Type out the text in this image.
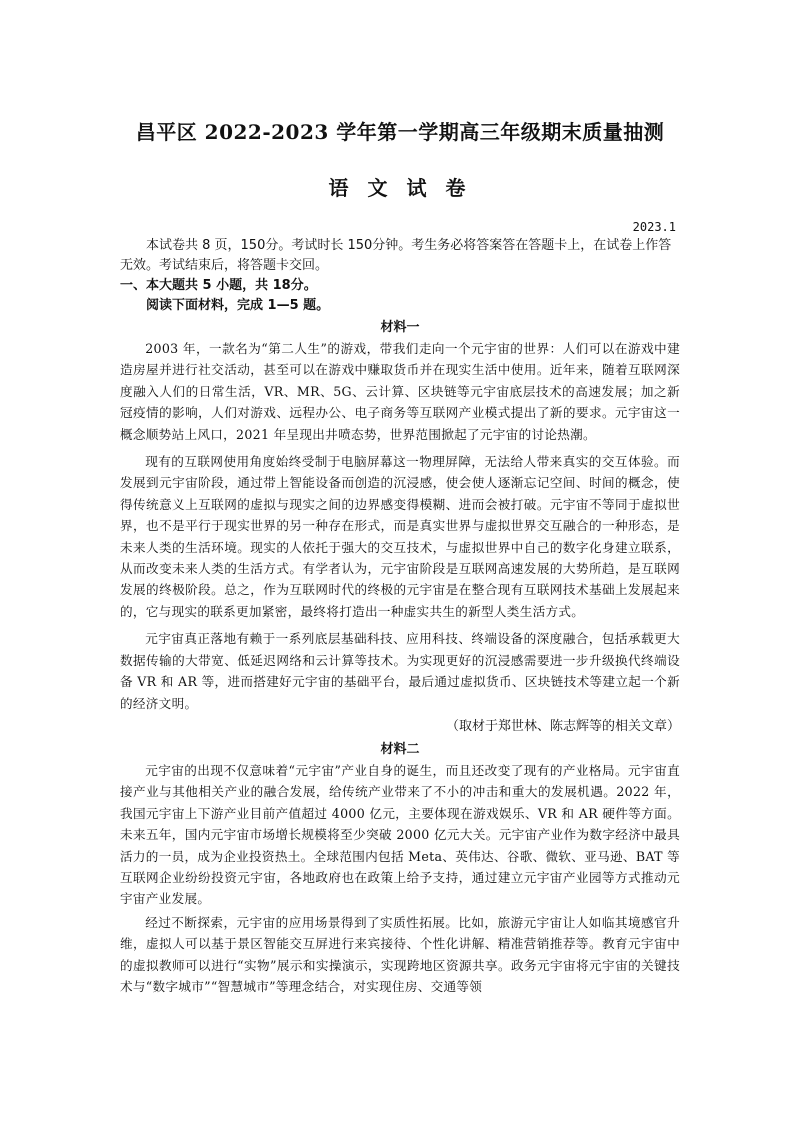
昌平区 2022-2023 学年第一学期高三年级期末质量抽测
语 文 试 卷

2023.1

本试卷共 8 页，150分。考试时长 150分钟。考生务必将答案答在答题卡上，在试卷上作答无效。考试结束后，将答题卡交回。

一、本大题共 5 小题，共 18分。

阅读下面材料，完成 1—5 题。

材料一

2003 年，一款名为“第二人生”的游戏，带我们走向一个元宇宙的世界：人们可以在游戏中建造房屋并进行社交活动，甚至可以在游戏中赚取货币并在现实生活中使用。近年来，随着互联网深度融入人们的日常生活，VR、MR、5G、云计算、区块链等元宇宙底层技术的高速发展；加之新冠疫情的影响，人们对游戏、远程办公、电子商务等互联网产业模式提出了新的要求。元宇宙这一概念顺势站上风口，2021 年呈现出井喷态势，世界范围掀起了元宇宙的讨论热潮。

现有的互联网使用角度始终受制于电脑屏幕这一物理屏障，无法给人带来真实的交互体验。而发展到元宇宙阶段，通过带上智能设备而创造的沉浸感，使会使人逐渐忘记空间、时间的概念，使得传统意义上互联网的虚拟与现实之间的边界感变得模糊、进而会被打破。元宇宙不等同于虚拟世界，也不是平行于现实世界的另一种存在形式，而是真实世界与虚拟世界交互融合的一种形态，是未来人类的生活环境。现实的人依托于强大的交互技术，与虚拟世界中自己的数字化身建立联系，从而改变未来人类的生活方式。有学者认为，元宇宙阶段是互联网高速发展的大势所趋，是互联网发展的终极阶段。总之，作为互联网时代的终极的元宇宙是在整合现有互联网技术基础上发展起来的，它与现实的联系更加紧密，最终将打造出一种虚实共生的新型人类生活方式。

元宇宙真正落地有赖于一系列底层基础科技、应用科技、终端设备的深度融合，包括承载更大数据传输的大带宽、低延迟网络和云计算等技术。为实现更好的沉浸感需要进一步升级换代终端设备 VR 和 AR 等，进而搭建好元宇宙的基础平台，最后通过虚拟货币、区块链技术等建立起一个新的经济文明。

（取材于郑世林、陈志辉等的相关文章）

材料二

元宇宙的出现不仅意味着“元宇宙”产业自身的诞生，而且还改变了现有的产业格局。元宇宙直接产业与其他相关产业的融合发展，给传统产业带来了不小的冲击和重大的发展机遇。2022 年，我国元宇宙上下游产业目前产值超过 4000 亿元，主要体现在游戏娱乐、VR 和 AR 硬件等方面。未来五年，国内元宇宙市场增长规模将至少突破 2000 亿元大关。元宇宙产业作为数字经济中最具活力的一员，成为企业投资热土。全球范围内包括 Meta、英伟达、谷歌、微软、亚马逊、BAT 等互联网企业纷纷投资元宇宙，各地政府也在政策上给予支持，通过建立元宇宙产业园等方式推动元宇宙产业发展。

经过不断探索，元宇宙的应用场景得到了实质性拓展。比如，旅游元宇宙让人如临其境感官升维，虚拟人可以基于景区智能交互屏进行来宾接待、个性化讲解、精准营销推荐等。教育元宇宙中的虚拟教师可以进行“实物”展示和实操演示，实现跨地区资源共享。政务元宇宙将元宇宙的关键技术与“数字城市”“智慧城市”等理念结合，对实现住房、交通等领
